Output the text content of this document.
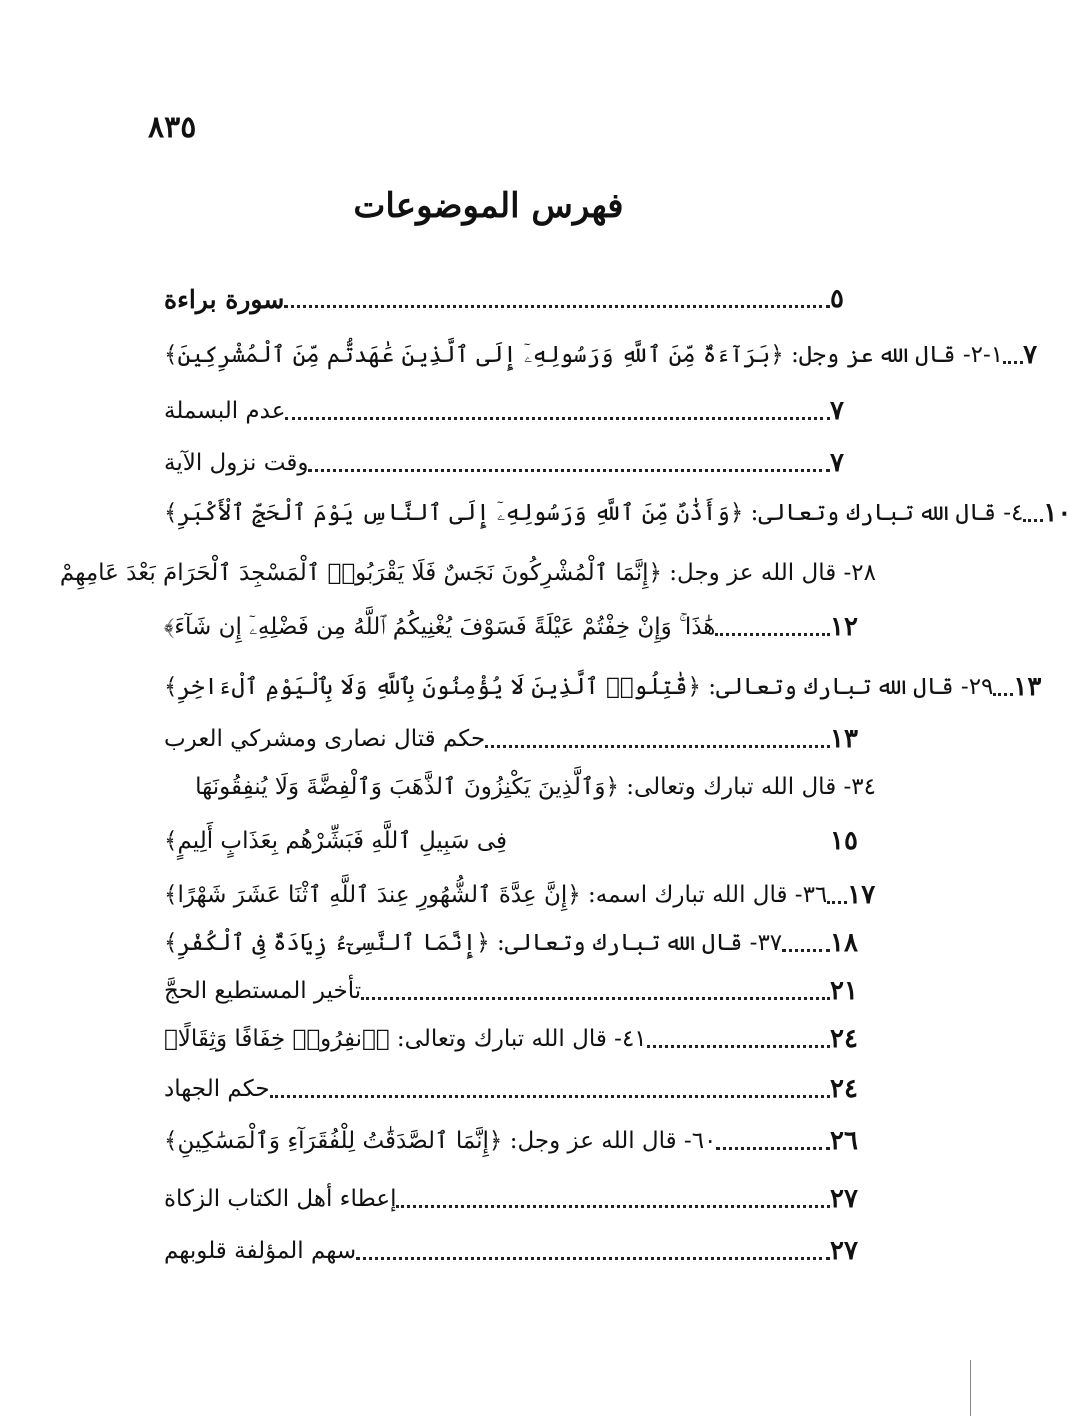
٨٣٥
فهرس الموضوعات
سورة براءة	٥
١-٢- قال الله عز وجل: ﴿بَرَآءَةٌ مِّنَ ٱللَّهِ وَرَسُولِهِۦٓ إِلَى ٱلَّذِينَ عَٰهَدتُّم مِّنَ ٱلْمُشْرِكِينَ﴾ ٧
عدم البسملة	٧
وقت نزول الآية	٧
٤- قال الله تبارك وتعالى: ﴿وَأَذَٰنٌ مِّنَ ٱللَّهِ وَرَسُولِهِۦٓ إِلَى ٱلنَّاسِ يَوْمَ ٱلْحَجِّ ٱلْأَكْبَرِ﴾ ١٠
٢٨- قال الله عز وجل: ﴿إِنَّمَا ٱلْمُشْرِكُونَ نَجَسٌ فَلَا يَقْرَبُوا۟ ٱلْمَسْجِدَ ٱلْحَرَامَ بَعْدَ عَامِهِمْ
هَٰذَا ۚ وَإِنْ خِفْتُمْ عَيْلَةً فَسَوْفَ يُغْنِيكُمُ ٱللَّهُ مِن فَضْلِهِۦٓ إِن شَآءَ﴾	١٢
٢٩- قال الله تبارك وتعالى: ﴿قَٰتِلُوا۟ ٱلَّذِينَ لَا يُؤْمِنُونَ بِٱللَّهِ وَلَا بِٱلْيَوْمِ ٱلْءَاخِرِ﴾ ١٣
حكم قتال نصارى ومشركي العرب	١٣
٣٤- قال الله تبارك وتعالى: ﴿وَٱلَّذِينَ يَكْنِزُونَ ٱلذَّهَبَ وَٱلْفِضَّةَ وَلَا يُنفِقُونَهَا
فِى سَبِيلِ ٱللَّهِ فَبَشِّرْهُم بِعَذَابٍ أَلِيمٍ﴾	١٥
٣٦- قال الله تبارك اسمه: ﴿إِنَّ عِدَّةَ ٱلشُّهُورِ عِندَ ٱللَّهِ ٱثْنَا عَشَرَ شَهْرًا﴾ ١٧
٣٧- قال الله تبارك وتعالى: ﴿إِنَّمَا ٱلنَّسِىٓءُ زِيَادَةٌ فِى ٱلْكُفْرِ﴾ ١٨
تأخير المستطيع الحجَّ	٢١
٤١- قال الله تبارك وتعالى: ﴿ٱنفِرُوا۟ خِفَافًا وَثِقَالًا﴾	٢٤
حكم الجهاد	٢٤
٦٠- قال الله عز وجل: ﴿إِنَّمَا ٱلصَّدَقَٰتُ لِلْفُقَرَآءِ وَٱلْمَسَٰكِينِ﴾	٢٦
إعطاء أهل الكتاب الزكاة	٢٧
سهم المؤلفة قلوبهم	٢٧
